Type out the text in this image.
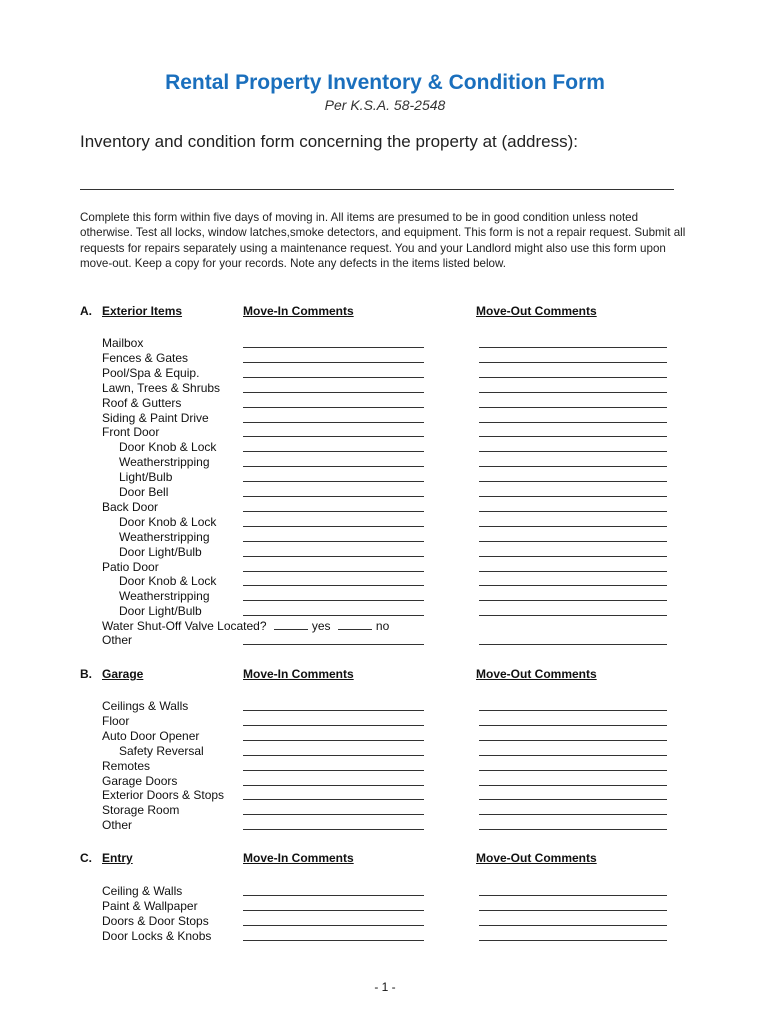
Rental Property Inventory & Condition Form
Per K.S.A. 58-2548
Inventory and condition form concerning the property at (address):
Complete this form within five days of moving in. All items are presumed to be in good condition unless noted otherwise. Test all locks, window latches,smoke detectors, and equipment. This form is not a repair request. Submit all requests for repairs separately using a maintenance request. You and your Landlord might also use this form upon move-out. Keep a copy for your records. Note any defects in the items listed below.
A. Exterior Items	Move-In Comments	Move-Out Comments
Mailbox
Fences & Gates
Pool/Spa & Equip.
Lawn, Trees & Shrubs
Roof & Gutters
Siding & Paint Drive
Front Door
Door Knob & Lock
Weatherstripping
Light/Bulb
Door Bell
Back Door
Door Knob & Lock
Weatherstripping
Door Light/Bulb
Patio Door
Door Knob & Lock
Weatherstripping
Door Light/Bulb
Water Shut-Off Valve Located?	yes	no
Other
B. Garage	Move-In Comments	Move-Out Comments
Ceilings & Walls
Floor
Auto Door Opener
Safety Reversal
Remotes
Garage Doors
Exterior Doors & Stops
Storage Room
Other
C. Entry	Move-In Comments	Move-Out Comments
Ceiling & Walls
Paint & Wallpaper
Doors & Door Stops
Door Locks & Knobs
- 1 -
